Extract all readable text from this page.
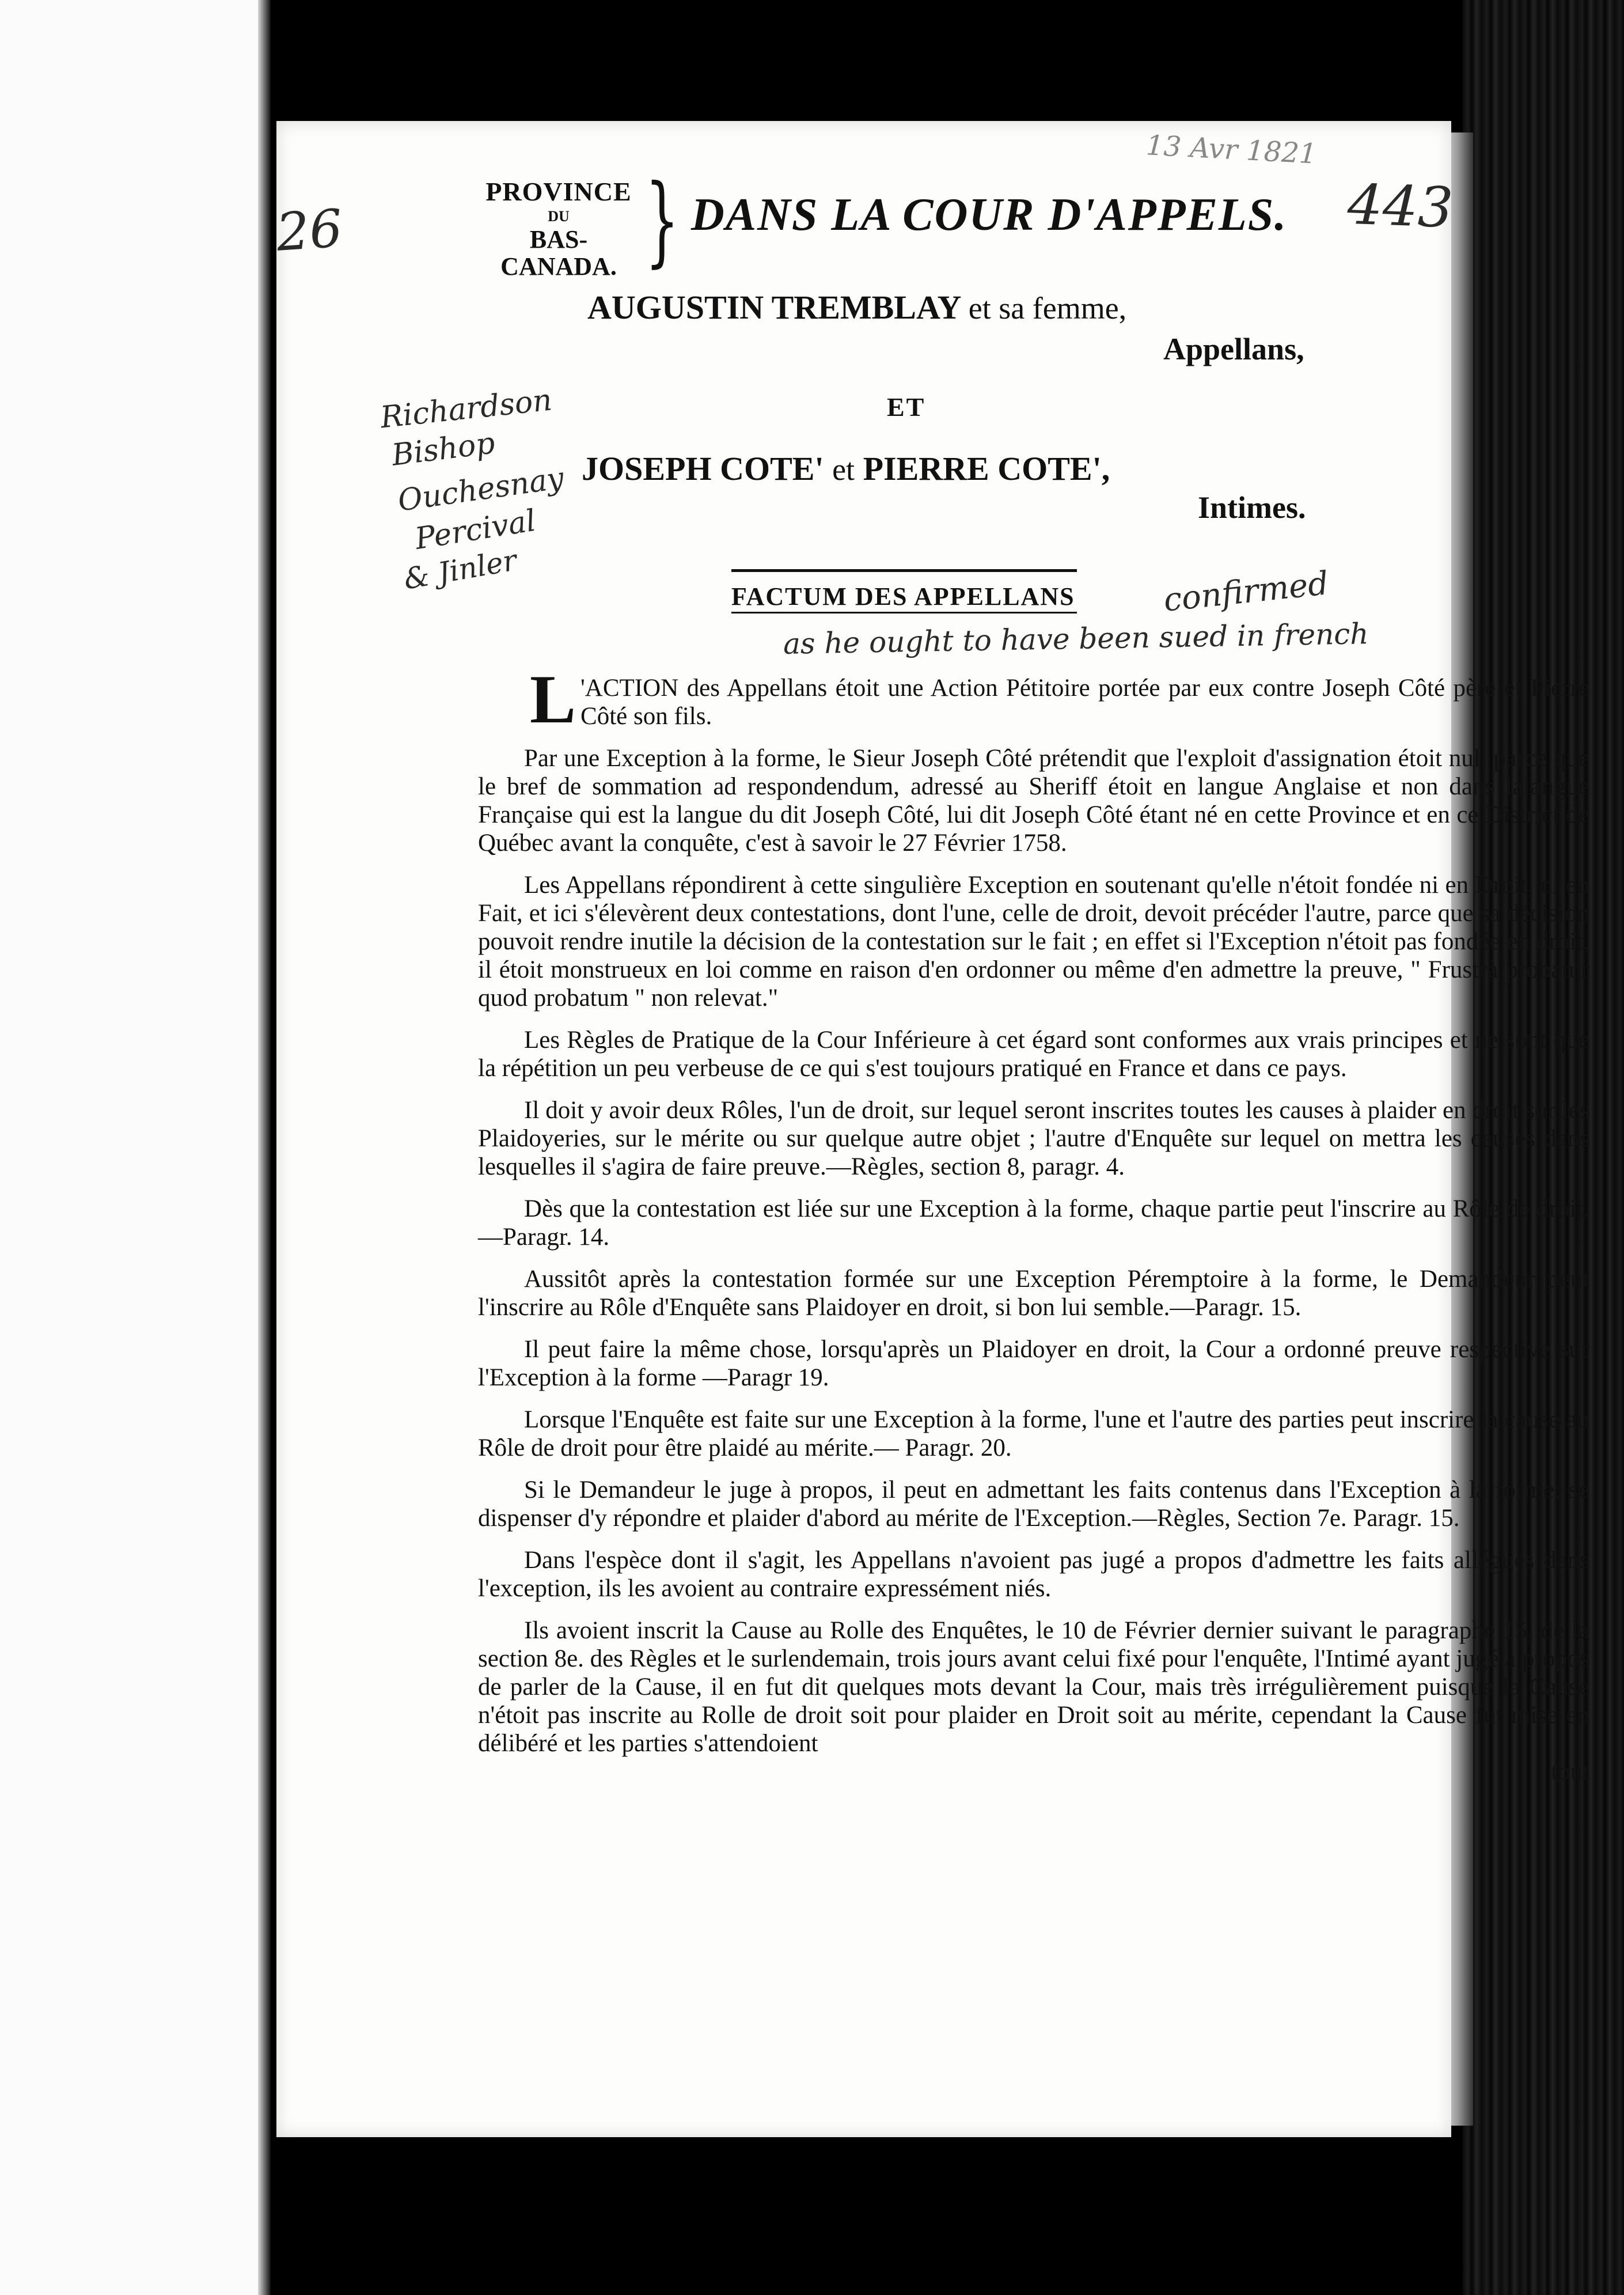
26
13 Avr 1821
443
Richardson
Bishop
Ouchesnay
Percival
& Jinler	confirmed
as he ought to have been sued in french
PROVINCE
DU
BAS-CANADA. } DANS LA COUR D'APPELS.
AUGUSTIN TREMBLAY et sa femme,
Appellans,
ET
JOSEPH COTE' et PIERRE COTE',
Intimes.
FACTUM DES APPELLANS

L 'ACTION des Appellans étoit une Action Pétitoire portée par eux contre Joseph Côté père et Pierre Côté son fils.

Par une Exception à la forme, le Sieur Joseph Côté prétendit que l'exploit d'assignation étoit nul, parce que le bref de sommation ad respondendum, adressé au Sheriff étoit en langue Anglaise et non dans lalangue Française qui est la langue du dit Joseph Côté, lui dit Joseph Côté étant né en cette Province et en ce District de Québec avant la conquête, c'est à savoir le 27 Février 1758.

Les Appellans répondirent à cette singulière Exception en soutenant qu'elle n'étoit fondée ni en Droit, ni en Fait, et ici s'élevèrent deux contestations, dont l'une, celle de droit, devoit précéder l'autre, parce que sa décision pouvoit rendre inutile la décision de la contestation sur le fait ; en effet si l'Exception n'étoit pas fondée en droit, il étoit monstrueux en loi comme en raison d'en ordonner ou même d'en admettre la preuve, " Frustrà probatur quod probatum " non relevat."

Les Règles de Pratique de la Cour Inférieure à cet égard sont conformes aux vrais principes et ne sont que la répétition un peu verbeuse de ce qui s'est toujours pratiqué en France et dans ce pays.

Il doit y avoir deux Rôles, l'un de droit, sur lequel seront inscrites toutes les causes à plaider en droit sur les Plaidoyeries, sur le mérite ou sur quelque autre objet ; l'autre d'Enquête sur lequel on mettra les causes dans lesquelles il s'agira de faire preuve.—Règles, section 8, paragr. 4.

Dès que la contestation est liée sur une Exception à la forme, chaque partie peut l'inscrire au Rôle de droit.—Paragr. 14.

Aussitôt après la contestation formée sur une Exception Péremptoire à la forme, le Demandeur peut l'inscrire au Rôle d'Enquête sans Plaidoyer en droit, si bon lui semble.—Paragr. 15.

Il peut faire la même chose, lorsqu'après un Plaidoyer en droit, la Cour a ordonné preuve respective sur l'Exception à la forme —Paragr 19.

Lorsque l'Enquête est faite sur une Exception à la forme, l'une et l'autre des parties peut inscrire la cause au Rôle de droit pour être plaidé au mérite.— Paragr. 20.

Si le Demandeur le juge à propos, il peut en admettant les faits contenus dans l'Exception à la forme, se dispenser d'y répondre et plaider d'abord au mérite de l'Exception.—Règles, Section 7e. Paragr. 15.

Dans l'espèce dont il s'agit, les Appellans n'avoient pas jugé a propos d'admettre les faits allégués dans l'exception, ils les avoient au contraire expressément niés.

Ils avoient inscrit la Cause au Rolle des Enquêtes, le 10 de Février dernier suivant le paragraphe 15, de la section 8e. des Règles et le surlendemain, trois jours avant celui fixé pour l'enquête, l'Intimé ayant jugé a propos de parler de la Cause, il en fut dit quelques mots devant la Cour, mais très irrégulièrement puisque la Cause n'étoit pas inscrite au Rolle de droit soit pour plaider en Droit soit au mérite, cependant la Cause fut mise en délibéré et les parties s'attendoient

tout
